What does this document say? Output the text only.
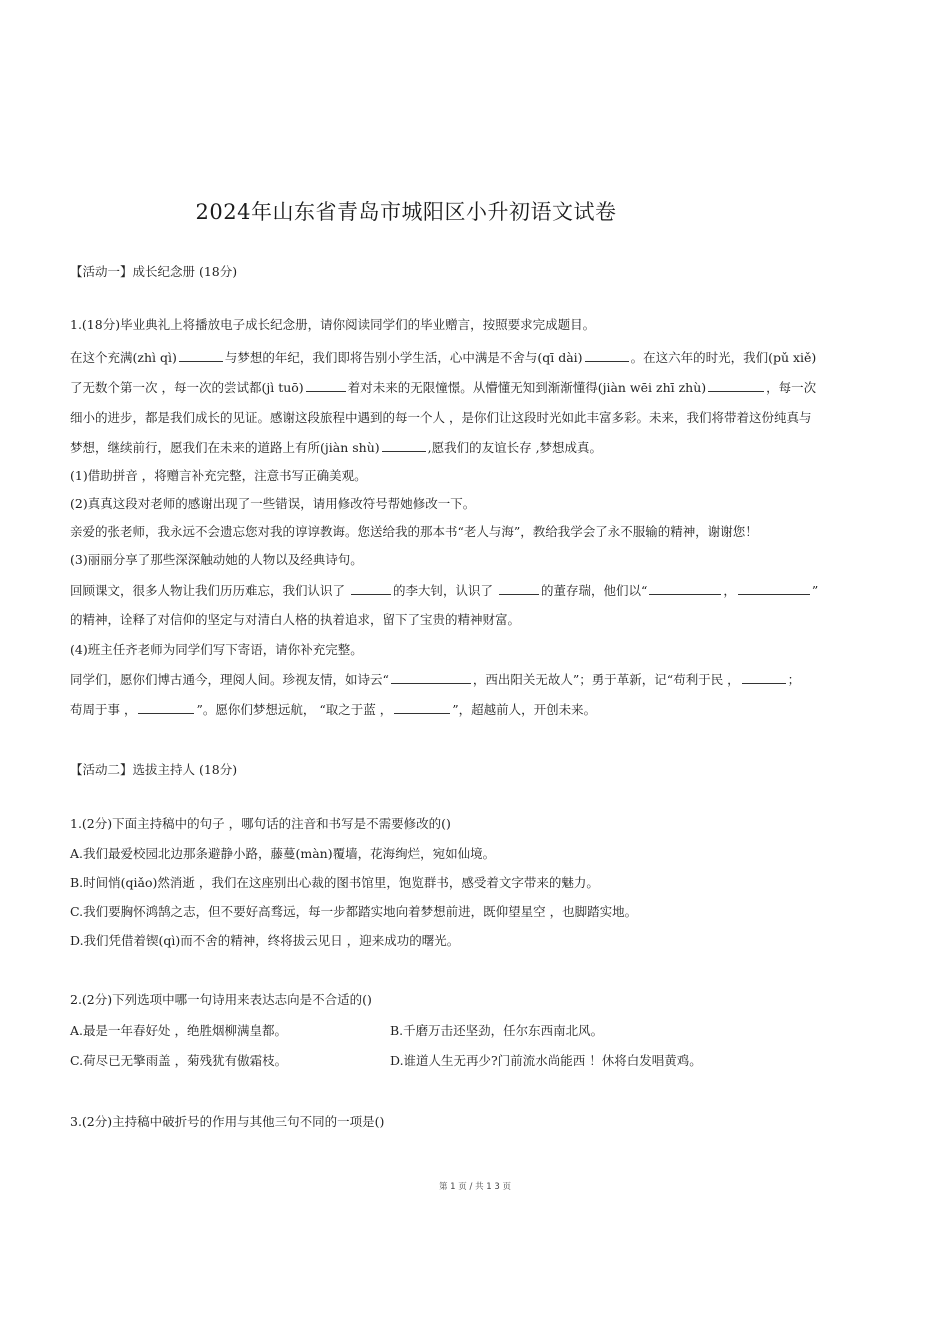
2024年山东省青岛市城阳区小升初语文试卷
【活动一】成长纪念册 (18分)
1.(18分)毕业典礼上将播放电子成长纪念册，请你阅读同学们的毕业赠言，按照要求完成题目。
在这个充满(zhì qì)	与梦想的年纪，我们即将告别小学生活，心中满是不舍与(qī dài)	。在这六年的时光，我们(pǔ xiě)
了无数个第一次 ，每一次的尝试都(jì tuō)	着对未来的无限憧憬。从懵懂无知到渐渐懂得(jiàn wēi zhī zhù)	，每一次
细小的进步，都是我们成长的见证。感谢这段旅程中遇到的每一个人 ，是你们让这段时光如此丰富多彩。未来，我们将带着这份纯真与
梦想，继续前行，愿我们在未来的道路上有所(jiàn shù)	,愿我们的友谊长存 ,梦想成真。
(1)借助拼音 ，将赠言补充完整，注意书写正确美观。
(2)真真这段对老师的感谢出现了一些错误，请用修改符号帮她修改一下。
亲爱的张老师，我永远不会遗忘您对我的谆谆教诲。您送给我的那本书“老人与海”，教给我学会了永不服输的精神，谢谢您！
(3)丽丽分享了那些深深触动她的人物以及经典诗句。
回顾课文，很多人物让我们历历难忘，我们认识了	的李大钊，认识了	的董存瑞，他们以“	，	”
的精神，诠释了对信仰的坚定与对清白人格的执着追求，留下了宝贵的精神财富。
(4)班主任齐老师为同学们写下寄语，请你补充完整。
同学们，愿你们博古通今，理阅人间。珍视友情，如诗云“	，西出阳关无故人”；勇于革新，记“苟利于民 ，	；
苟周于事 ，	”。愿你们梦想远航， “取之于蓝 ，	”，超越前人，开创未来。
【活动二】选拔主持人 (18分)
1.(2分)下面主持稿中的句子 ，哪句话的注音和书写是不需要修改的()
A.我们最爱校园北边那条避静小路，藤蔓(màn)覆墙，花海绚烂，宛如仙境。
B.时间悄(qiǎo)然消逝 ，我们在这座别出心裁的图书馆里，饱览群书，感受着文字带来的魅力。
C.我们要胸怀鸿鹄之志，但不要好高骛远，每一步都踏实地向着梦想前进，既仰望星空 ，也脚踏实地。
D.我们凭借着锲(qì)而不舍的精神，终将拔云见日 ，迎来成功的曙光。
2.(2分)下列选项中哪一句诗用来表达志向是不合适的()
A.最是一年春好处 ，绝胜烟柳满皇都。	B.千磨万击还坚劲，任尔东西南北风。
C.荷尽已无擎雨盖 ，菊残犹有傲霜枝。	D.谁道人生无再少?门前流水尚能西 ！休将白发唱黄鸡。
3.(2分)主持稿中破折号的作用与其他三句不同的一项是()
第 1 页 / 共 1 3 页
